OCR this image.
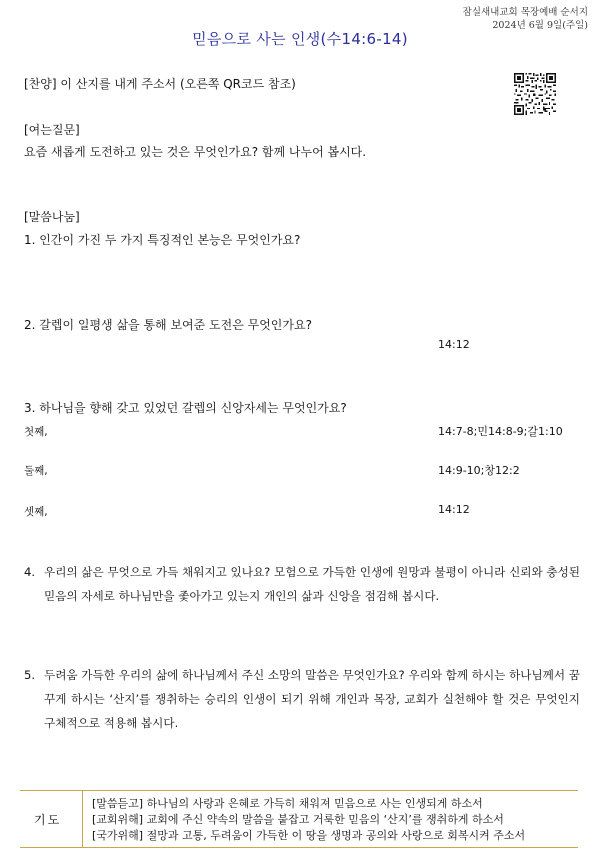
잠실새내교회 목장예배 순서지
2024년 6월 9일(주일)
믿음으로 사는 인생(수14:6-14)
[찬양] 이 산지를 내게 주소서 (오른쪽 QR코드 참조)
[여는질문]
요즘 새롭게 도전하고 있는 것은 무엇인가요? 함께 나누어 봅시다.
[말씀나눔]
1. 인간이 가진 두 가지 특징적인 본능은 무엇인가요?
2. 갈렙이 일평생 삶을 통해 보여준 도전은 무엇인가요?
14:12
3. 하나님을 향해 갖고 있었던 갈렙의 신앙자세는 무엇인가요?
첫째,	14:7-8;민14:8-9;갈1:10
둘째,	14:9-10;창12:2
셋째,	14:12
4. 우리의 삶은 무엇으로 가득 채워지고 있나요? 모험으로 가득한 인생에 원망과 불평이 아니라 신뢰와 충성된 믿음의 자세로 하나님만을 좇아가고 있는지 개인의 삶과 신앙을 점검해 봅시다.
5. 두려움 가득한 우리의 삶에 하나님께서 주신 소망의 말씀은 무엇인가요? 우리와 함께 하시는 하나님께서 꿈꾸게 하시는 ‘산지’를 쟁취하는 승리의 인생이 되기 위해 개인과 목장, 교회가 실천해야 할 것은 무엇인지 구체적으로 적용해 봅시다.
기도
[말씀듣고] 하나님의 사랑과 은혜로 가득히 채워져 믿음으로 사는 인생되게 하소서
[교회위해] 교회에 주신 약속의 말씀을 붙잡고 거룩한 믿음의 ‘산지’를 쟁취하게 하소서
[국가위해] 절망과 고통, 두려움이 가득한 이 땅을 생명과 공의와 사랑으로 회복시켜 주소서
